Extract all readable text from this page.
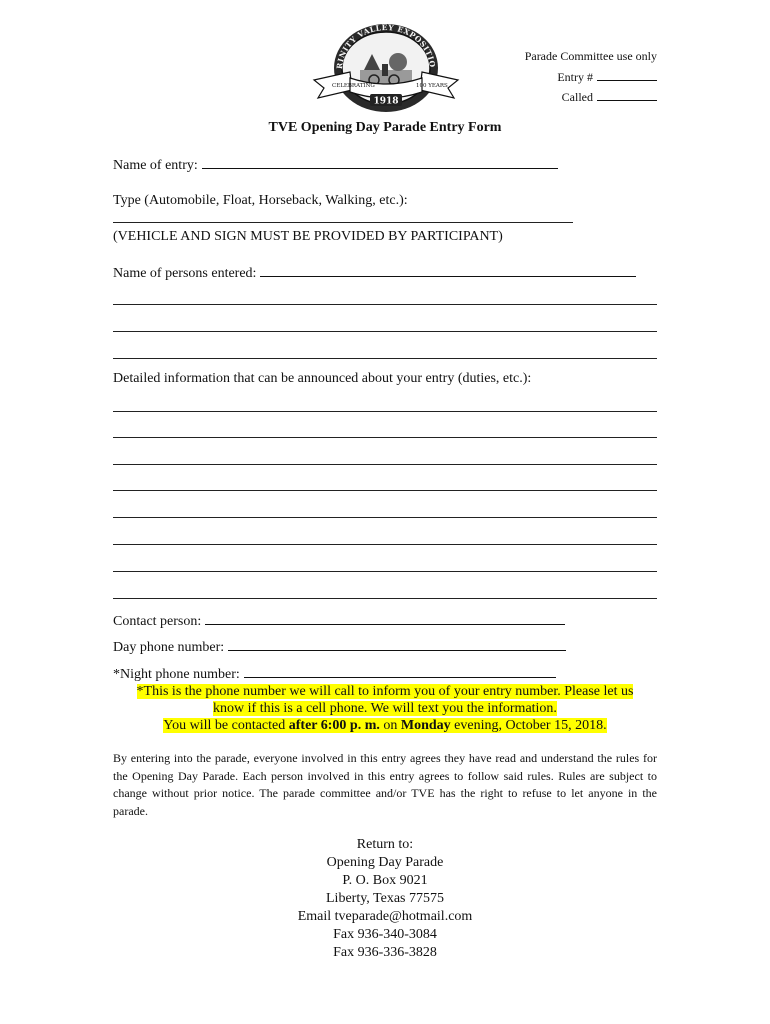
RINITY VALLEY EXPOSITIO
CELEBRATING	100 YEARS
1918
Parade Committee use only
Entry #
Called
TVE Opening Day Parade Entry Form
Name of entry:
Type (Automobile, Float, Horseback, Walking, etc.):
(VEHICLE AND SIGN MUST BE PROVIDED BY PARTICIPANT)
Name of persons entered:
Detailed information that can be announced about your entry (duties, etc.):
Contact person:
Day phone number:
*Night phone number:
*This is the phone number we will call to inform you of your entry number. Please let us
know if this is a cell phone. We will text you the information.
You will be contacted after 6:00 p. m. on Monday evening, October 15, 2018.
By entering into the parade, everyone involved in this entry agrees they have read and understand the rules for the Opening Day Parade. Each person involved in this entry agrees to follow said rules. Rules are subject to change without prior notice. The parade committee and/or TVE has the right to refuse to let anyone in the parade.
Return to:
Opening Day Parade
P. O. Box 9021
Liberty, Texas 77575
Email tveparade@hotmail.com
Fax 936-340-3084
Fax 936-336-3828
